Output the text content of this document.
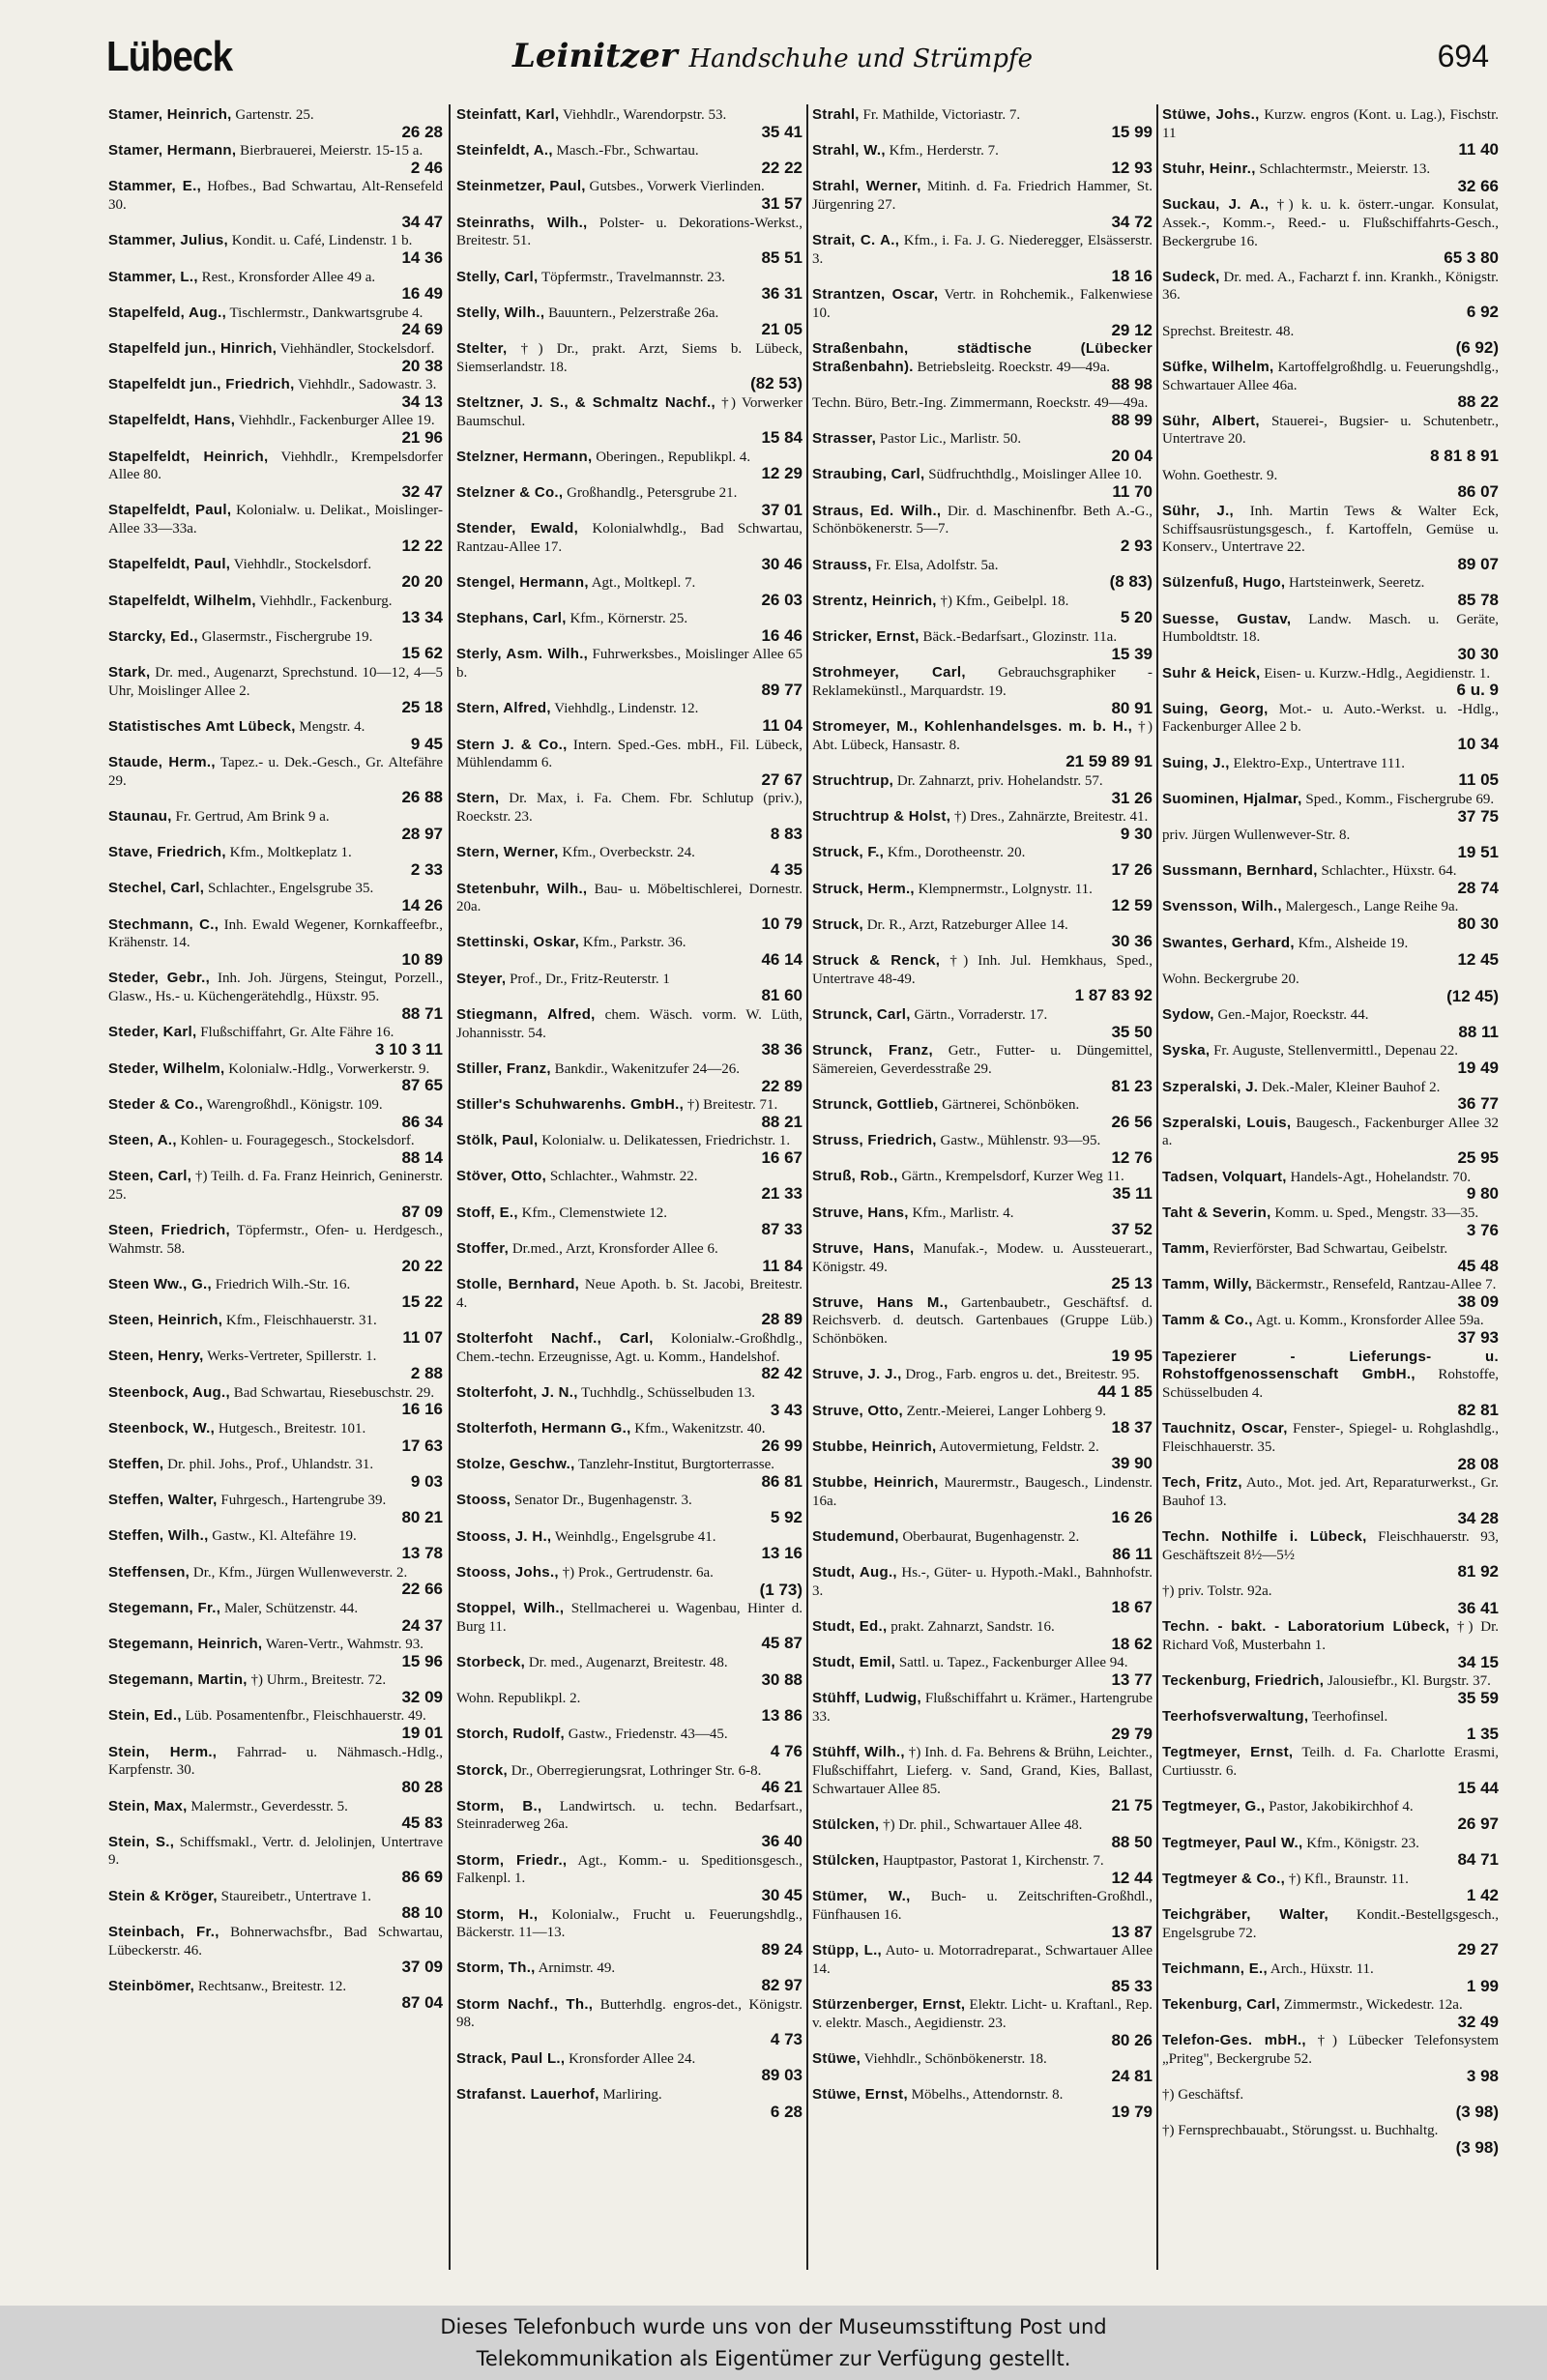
Lübeck	Leinitzer Handschuhe und Strümpfe	694
Stamer, Heinrich, Gartenstr. 25.
26 28
Stamer, Hermann, Bierbrauerei, Meierstr. 15-15 a.
2 46
Stammer, E., Hofbes., Bad Schwartau, Alt-Rensefeld 30.
34 47
Stammer, Julius, Kondit. u. Café, Lindenstr. 1 b.
14 36
Stammer, L., Rest., Kronsforder Allee 49 a.
16 49
Stapelfeld, Aug., Tischlermstr., Dankwartsgrube 4.
24 69
Stapelfeld jun., Hinrich, Viehhändler, Stockelsdorf.
20 38
Stapelfeldt jun., Friedrich, Viehhdlr., Sadowastr. 3.
34 13
Stapelfeldt, Hans, Viehhdlr., Fackenburger Allee 19.
21 96
Stapelfeldt, Heinrich, Viehhdlr., Krempelsdorfer Allee 80.
32 47
Stapelfeldt, Paul, Kolonialw. u. Delikat., Moislinger-Allee 33—33a.
12 22
Stapelfeldt, Paul, Viehhdlr., Stockelsdorf.
20 20
Stapelfeldt, Wilhelm, Viehhdlr., Fackenburg.
13 34
Starcky, Ed., Glasermstr., Fischergrube 19.
15 62
Stark, Dr. med., Augenarzt, Sprechstund. 10—12, 4—5 Uhr, Moislinger Allee 2.
25 18
Statistisches Amt Lübeck, Mengstr. 4.
9 45
Staude, Herm., Tapez.- u. Dek.-Gesch., Gr. Altefähre 29.
26 88
Staunau, Fr. Gertrud, Am Brink 9 a.
28 97
Stave, Friedrich, Kfm., Moltkeplatz 1.
2 33
Stechel, Carl, Schlachter., Engelsgrube 35.
14 26
Stechmann, C., Inh. Ewald Wegener, Kornkaffeefbr., Krähenstr. 14.
10 89
Steder, Gebr., Inh. Joh. Jürgens, Steingut, Porzell., Glasw., Hs.- u. Küchengerätehdlg., Hüxstr. 95.
88 71
Steder, Karl, Flußschiffahrt, Gr. Alte Fähre 16.
3 10 3 11
Steder, Wilhelm, Kolonialw.-Hdlg., Vorwerkerstr. 9.
87 65
Steder & Co., Warengroßhdl., Königstr. 109.
86 34
Steen, A., Kohlen- u. Fouragegesch., Stockelsdorf.
88 14
Steen, Carl, †) Teilh. d. Fa. Franz Heinrich, Geninerstr. 25.
87 09
Steen, Friedrich, Töpfermstr., Ofen- u. Herdgesch., Wahmstr. 58.
20 22
Steen Ww., G., Friedrich Wilh.-Str. 16.
15 22
Steen, Heinrich, Kfm., Fleischhauerstr. 31.
11 07
Steen, Henry, Werks-Vertreter, Spillerstr. 1.
2 88
Steenbock, Aug., Bad Schwartau, Riesebuschstr. 29.
16 16
Steenbock, W., Hutgesch., Breitestr. 101.
17 63
Steffen, Dr. phil. Johs., Prof., Uhlandstr. 31.
9 03
Steffen, Walter, Fuhrgesch., Hartengrube 39.
80 21
Steffen, Wilh., Gastw., Kl. Altefähre 19.
13 78
Steffensen, Dr., Kfm., Jürgen Wullenweverstr. 2.
22 66
Stegemann, Fr., Maler, Schützenstr. 44.
24 37
Stegemann, Heinrich, Waren-Vertr., Wahmstr. 93.
15 96
Stegemann, Martin, †) Uhrm., Breitestr. 72.
32 09
Stein, Ed., Lüb. Posamentenfbr., Fleischhauerstr. 49.
19 01
Stein, Herm., Fahrrad- u. Nähmasch.-Hdlg., Karpfenstr. 30.
80 28
Stein, Max, Malermstr., Geverdesstr. 5.
45 83
Stein, S., Schiffsmakl., Vertr. d. Jelolinjen, Untertrave 9.
86 69
Stein & Kröger, Staureibetr., Untertrave 1.
88 10
Steinbach, Fr., Bohnerwachsfbr., Bad Schwartau, Lübeckerstr. 46.
37 09
Steinbömer, Rechtsanw., Breitestr. 12.
87 04
Steinfatt, Karl, Viehhdlr., Warendorpstr. 53.
35 41
Steinfeldt, A., Masch.-Fbr., Schwartau.
22 22
Steinmetzer, Paul, Gutsbes., Vorwerk Vierlinden.
31 57
Steinraths, Wilh., Polster- u. Dekorations-Werkst., Breitestr. 51.
85 51
Stelly, Carl, Töpfermstr., Travelmannstr. 23.
36 31
Stelly, Wilh., Bauuntern., Pelzerstraße 26a.
21 05
Stelter, †) Dr., prakt. Arzt, Siems b. Lübeck, Siemserlandstr. 18.
(82 53)
Steltzner, J. S., & Schmaltz Nachf., †) Vorwerker Baumschul.
15 84
Stelzner, Hermann, Oberingen., Republikpl. 4.
12 29
Stelzner & Co., Großhandlg., Petersgrube 21.
37 01
Stender, Ewald, Kolonialwhdlg., Bad Schwartau, Rantzau-Allee 17.
30 46
Stengel, Hermann, Agt., Moltkepl. 7.
26 03
Stephans, Carl, Kfm., Körnerstr. 25.
16 46
Sterly, Asm. Wilh., Fuhrwerksbes., Moislinger Allee 65 b.
89 77
Stern, Alfred, Viehhdlg., Lindenstr. 12.
11 04
Stern J. & Co., Intern. Sped.-Ges. mbH., Fil. Lübeck, Mühlendamm 6.
27 67
Stern, Dr. Max, i. Fa. Chem. Fbr. Schlutup (priv.), Roeckstr. 23.
8 83
Stern, Werner, Kfm., Overbeckstr. 24.
4 35
Stetenbuhr, Wilh., Bau- u. Möbeltischlerei, Dornestr. 20a.
10 79
Stettinski, Oskar, Kfm., Parkstr. 36.
46 14
Steyer, Prof., Dr., Fritz-Reuterstr. 1
81 60
Stiegmann, Alfred, chem. Wäsch. vorm. W. Lüth, Johannisstr. 54.
38 36
Stiller, Franz, Bankdir., Wakenitzufer 24—26.
22 89
Stiller's Schuhwarenhs. GmbH., †) Breitestr. 71.
88 21
Stölk, Paul, Kolonialw. u. Delikatessen, Friedrichstr. 1.
16 67
Stöver, Otto, Schlachter., Wahmstr. 22.
21 33
Stoff, E., Kfm., Clemenstwiete 12.
87 33
Stoffer, Dr.med., Arzt, Kronsforder Allee 6.
11 84
Stolle, Bernhard, Neue Apoth. b. St. Jacobi, Breitestr. 4.
28 89
Stolterfoht Nachf., Carl, Kolonialw.-Großhdlg., Chem.-techn. Erzeugnisse, Agt. u. Komm., Handelshof.
82 42
Stolterfoht, J. N., Tuchhdlg., Schüsselbuden 13.
3 43
Stolterfoth, Hermann G., Kfm., Wakenitzstr. 40.
26 99
Stolze, Geschw., Tanzlehr-Institut, Burgtorterrasse.
86 81
Stooss, Senator Dr., Bugenhagenstr. 3.
5 92
Stooss, J. H., Weinhdlg., Engelsgrube 41.
13 16
Stooss, Johs., †) Prok., Gertrudenstr. 6a.
(1 73)
Stoppel, Wilh., Stellmacherei u. Wagenbau, Hinter d. Burg 11.
45 87
Storbeck, Dr. med., Augenarzt, Breitestr. 48.
30 88
Wohn. Republikpl. 2.
13 86
Storch, Rudolf, Gastw., Friedenstr. 43—45.
4 76
Storck, Dr., Oberregierungsrat, Lothringer Str. 6-8.
46 21
Storm, B., Landwirtsch. u. techn. Bedarfsart., Steinraderweg 26a.
36 40
Storm, Friedr., Agt., Komm.- u. Speditionsgesch., Falkenpl. 1.
30 45
Storm, H., Kolonialw., Frucht u. Feuerungshdlg., Bäckerstr. 11—13.
89 24
Storm, Th., Arnimstr. 49.
82 97
Storm Nachf., Th., Butterhdlg. engros-det., Königstr. 98.
4 73
Strack, Paul L., Kronsforder Allee 24.
89 03
Strafanst. Lauerhof, Marliring.
6 28
Strahl, Fr. Mathilde, Victoriastr. 7.
15 99
Strahl, W., Kfm., Herderstr. 7.
12 93
Strahl, Werner, Mitinh. d. Fa. Friedrich Hammer, St. Jürgenring 27.
34 72
Strait, C. A., Kfm., i. Fa. J. G. Niederegger, Elsässerstr. 3.
18 16
Strantzen, Oscar, Vertr. in Rohchemik., Falkenwiese 10.
29 12
Straßenbahn, städtische (Lübecker Straßenbahn). Betriebsleitg. Roeckstr. 49—49a.
88 98
Techn. Büro, Betr.-Ing. Zimmermann, Roeckstr. 49—49a.
88 99
Strasser, Pastor Lic., Marlistr. 50.
20 04
Straubing, Carl, Südfruchthdlg., Moislinger Allee 10.
11 70
Straus, Ed. Wilh., Dir. d. Maschinenfbr. Beth A.-G., Schönbökenerstr. 5—7.
2 93
Strauss, Fr. Elsa, Adolfstr. 5a.
(8 83)
Strentz, Heinrich, †) Kfm., Geibelpl. 18.
5 20
Stricker, Ernst, Bäck.-Bedarfsart., Glozinstr. 11a.
15 39
Strohmeyer, Carl, Gebrauchsgraphiker - Reklamekünstl., Marquardstr. 19.
80 91
Stromeyer, M., Kohlenhandelsges. m. b. H., †) Abt. Lübeck, Hansastr. 8.
21 59 89 91
Struchtrup, Dr. Zahnarzt, priv. Hohelandstr. 57.
31 26
Struchtrup & Holst, †) Dres., Zahnärzte, Breitestr. 41.
9 30
Struck, F., Kfm., Dorotheenstr. 20.
17 26
Struck, Herm., Klempnermstr., Lolgnystr. 11.
12 59
Struck, Dr. R., Arzt, Ratzeburger Allee 14.
30 36
Struck & Renck, †) Inh. Jul. Hemkhaus, Sped., Untertrave 48-49.
1 87 83 92
Strunck, Carl, Gärtn., Vorraderstr. 17.
35 50
Strunck, Franz, Getr., Futter- u. Düngemittel, Sämereien, Geverdesstraße 29.
81 23
Strunck, Gottlieb, Gärtnerei, Schönböken.
26 56
Struss, Friedrich, Gastw., Mühlenstr. 93—95.
12 76
Struß, Rob., Gärtn., Krempelsdorf, Kurzer Weg 11.
35 11
Struve, Hans, Kfm., Marlistr. 4.
37 52
Struve, Hans, Manufak.-, Modew. u. Aussteuerart., Königstr. 49.
25 13
Struve, Hans M., Gartenbaubetr., Geschäftsf. d. Reichsverb. d. deutsch. Gartenbaues (Gruppe Lüb.) Schönböken.
19 95
Struve, J. J., Drog., Farb. engros u. det., Breitestr. 95.
44 1 85
Struve, Otto, Zentr.-Meierei, Langer Lohberg 9.
18 37
Stubbe, Heinrich, Autovermietung, Feldstr. 2.
39 90
Stubbe, Heinrich, Maurermstr., Baugesch., Lindenstr. 16a.
16 26
Studemund, Oberbaurat, Bugenhagenstr. 2.
86 11
Studt, Aug., Hs.-, Güter- u. Hypoth.-Makl., Bahnhofstr. 3.
18 67
Studt, Ed., prakt. Zahnarzt, Sandstr. 16.
18 62
Studt, Emil, Sattl. u. Tapez., Fackenburger Allee 94.
13 77
Stühff, Ludwig, Flußschiffahrt u. Krämer., Hartengrube 33.
29 79
Stühff, Wilh., †) Inh. d. Fa. Behrens & Brühn, Leichter., Flußschiffahrt, Lieferg. v. Sand, Grand, Kies, Ballast, Schwartauer Allee 85.
21 75
Stülcken, †) Dr. phil., Schwartauer Allee 48.
88 50
Stülcken, Hauptpastor, Pastorat 1, Kirchenstr. 7.
12 44
Stümer, W., Buch- u. Zeitschriften-Großhdl., Fünfhausen 16.
13 87
Stüpp, L., Auto- u. Motorradreparat., Schwartauer Allee 14.
85 33
Stürzenberger, Ernst, Elektr. Licht- u. Kraftanl., Rep. v. elektr. Masch., Aegidienstr. 23.
80 26
Stüwe, Viehhdlr., Schönbökenerstr. 18.
24 81
Stüwe, Ernst, Möbelhs., Attendornstr. 8.
19 79
Stüwe, Johs., Kurzw. engros (Kont. u. Lag.), Fischstr. 11
11 40
Stuhr, Heinr., Schlachtermstr., Meierstr. 13.
32 66
Suckau, J. A., †) k. u. k. österr.-ungar. Konsulat, Assek.-, Komm.-, Reed.- u. Flußschiffahrts-Gesch., Beckergrube 16.
65 3 80
Sudeck, Dr. med. A., Facharzt f. inn. Krankh., Königstr. 36.
6 92
Sprechst. Breitestr. 48.
(6 92)
Süfke, Wilhelm, Kartoffelgroßhdlg. u. Feuerungshdlg., Schwartauer Allee 46a.
88 22
Sühr, Albert, Stauerei-, Bugsier- u. Schutenbetr., Untertrave 20.
8 81 8 91
Wohn. Goethestr. 9.
86 07
Sühr, J., Inh. Martin Tews & Walter Eck, Schiffsausrüstungsgesch., f. Kartoffeln, Gemüse u. Konserv., Untertrave 22.
89 07
Sülzenfuß, Hugo, Hartsteinwerk, Seeretz.
85 78
Suesse, Gustav, Landw. Masch. u. Geräte, Humboldtstr. 18.
30 30
Suhr & Heick, Eisen- u. Kurzw.-Hdlg., Aegidienstr. 1.
6 u. 9
Suing, Georg, Mot.- u. Auto.-Werkst. u. -Hdlg., Fackenburger Allee 2 b.
10 34
Suing, J., Elektro-Exp., Untertrave 111.
11 05
Suominen, Hjalmar, Sped., Komm., Fischergrube 69.
37 75
priv. Jürgen Wullenwever-Str. 8.
19 51
Sussmann, Bernhard, Schlachter., Hüxstr. 64.
28 74
Svensson, Wilh., Malergesch., Lange Reihe 9a.
80 30
Swantes, Gerhard, Kfm., Alsheide 19.
12 45
Wohn. Beckergrube 20.
(12 45)
Sydow, Gen.-Major, Roeckstr. 44.
88 11
Syska, Fr. Auguste, Stellenvermittl., Depenau 22.
19 49
Szperalski, J. Dek.-Maler, Kleiner Bauhof 2.
36 77
Szperalski, Louis, Baugesch., Fackenburger Allee 32 a.
25 95
Tadsen, Volquart, Handels-Agt., Hohelandstr. 70.
9 80
Taht & Severin, Komm. u. Sped., Mengstr. 33—35.
3 76
Tamm, Revierförster, Bad Schwartau, Geibelstr.
45 48
Tamm, Willy, Bäckermstr., Rensefeld, Rantzau-Allee 7.
38 09
Tamm & Co., Agt. u. Komm., Kronsforder Allee 59a.
37 93
Tapezierer - Lieferungs- u. Rohstoffgenossenschaft GmbH., Rohstoffe, Schüsselbuden 4.
82 81
Tauchnitz, Oscar, Fenster-, Spiegel- u. Rohglashdlg., Fleischhauerstr. 35.
28 08
Tech, Fritz, Auto., Mot. jed. Art, Reparaturwerkst., Gr. Bauhof 13.
34 28
Techn. Nothilfe i. Lübeck, Fleischhauerstr. 93, Geschäftszeit 8½—5½
81 92
†) priv. Tolstr. 92a.
36 41
Techn. - bakt. - Laboratorium Lübeck, †) Dr. Richard Voß, Musterbahn 1.
34 15
Teckenburg, Friedrich, Jalousiefbr., Kl. Burgstr. 37.
35 59
Teerhofsverwaltung, Teerhofinsel.
1 35
Tegtmeyer, Ernst, Teilh. d. Fa. Charlotte Erasmi, Curtiusstr. 6.
15 44
Tegtmeyer, G., Pastor, Jakobikirchhof 4.
26 97
Tegtmeyer, Paul W., Kfm., Königstr. 23.
84 71
Tegtmeyer & Co., †) Kfl., Braunstr. 11.
1 42
Teichgräber, Walter, Kondit.-Bestellgsgesch., Engelsgrube 72.
29 27
Teichmann, E., Arch., Hüxstr. 11.
1 99
Tekenburg, Carl, Zimmermstr., Wickedestr. 12a.
32 49
Telefon-Ges. mbH., †) Lübecker Telefonsystem „Priteg", Beckergrube 52.
3 98
†) Geschäftsf.
(3 98)
†) Fernsprechbauabt., Störungsst. u. Buchhaltg.
(3 98)
Dieses Telefonbuch wurde uns von der Museumsstiftung Post und
Telekommunikation als Eigentümer zur Verfügung gestellt.
